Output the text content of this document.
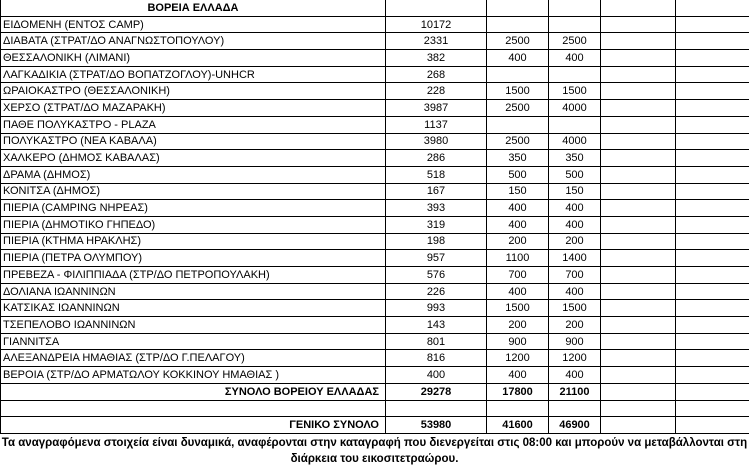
ΒΟΡΕΙΑ ΕΛΛΑΔΑ					
ΕΙΔΟΜΕΝΗ (ΕΝΤΟΣ CAMP)	10172				
ΔΙΑΒΑΤΑ (ΣΤΡΑΤ/ΔΟ ΑΝΑΓΝΩΣΤΟΠΟΥΛΟΥ)	2331	2500	2500		
ΘΕΣΣΑΛΟΝΙΚΗ (ΛΙΜΑΝΙ)	382	400	400		
ΛΑΓΚΑΔΙΚΙΑ (ΣΤΡΑΤ/ΔΟ ΒΟΠΑΤΖΟΓΛΟΥ)-UNHCR	268				
ΩΡΑΙΟΚΑΣΤΡΟ (ΘΕΣΣΑΛΟΝΙΚΗ)	228	1500	1500		
ΧΕΡΣΟ (ΣΤΡΑΤ/ΔΟ ΜΑΖΑΡΑΚΗ)	3987	2500	4000		
ΠΑΘΕ ΠΟΛΥΚΑΣΤΡΟ - PLAZA	1137				
ΠΟΛΥΚΑΣΤΡΟ (ΝΕΑ ΚΑΒΑΛΑ)	3980	2500	4000		
ΧΑΛΚΕΡΟ (ΔΗΜΟΣ ΚΑΒΑΛΑΣ)	286	350	350		
ΔΡΑΜΑ (ΔΗΜΟΣ)	518	500	500		
ΚΟΝΙΤΣΑ (ΔΗΜΟΣ)	167	150	150		
ΠΙΕΡΙΑ (CAMPING ΝΗΡΕΑΣ)	393	400	400		
ΠΙΕΡΙΑ (ΔΗΜΟΤΙΚΟ ΓΗΠΕΔΟ)	319	400	400		
ΠΙΕΡΙΑ (ΚΤΗΜΑ ΗΡΑΚΛΗΣ)	198	200	200		
ΠΙΕΡΙΑ (ΠΕΤΡΑ ΟΛΥΜΠΟΥ)	957	1100	1400		
ΠΡΕΒΕΖΑ - ΦΙΛΙΠΠΙΑΔΑ (ΣΤΡ/ΔΟ ΠΕΤΡΟΠΟΥΛΑΚΗ)	576	700	700		
ΔΟΛΙΑΝΑ ΙΩΑΝΝΙΝΩΝ	226	400	400		
ΚΑΤΣΙΚΑΣ ΙΩΑΝΝΙΝΩΝ	993	1500	1500		
ΤΣΕΠΕΛΟΒΟ ΙΩΑΝΝΙΝΩΝ	143	200	200		
ΓΙΑΝΝΙΤΣΑ	801	900	900		
ΑΛΕΞΑΝΔΡΕΙΑ ΗΜΑΘΙΑΣ (ΣΤΡ/ΔΟ Γ.ΠΕΛΑΓΟΥ)	816	1200	1200		
ΒΕΡΟΙΑ (ΣΤΡ/ΔΟ ΑΡΜΑΤΩΛΟΥ ΚΟΚΚΙΝΟΥ ΗΜΑΘΙΑΣ )	400	400	400		
ΣΥΝΟΛΟ ΒΟΡΕΙΟΥ ΕΛΛΑΔΑΣ	29278	17800	21100		

ΓΕΝΙΚΟ ΣΥΝΟΛΟ	53980	41600	46900		
Τα αναγραφόμενα στοιχεία είναι δυναμικά, αναφέρονται στην καταγραφή που διενεργείται στις 08:00 και μπορούν να μεταβάλλονται στη διάρκεια του εικοσιτετραώρου.
